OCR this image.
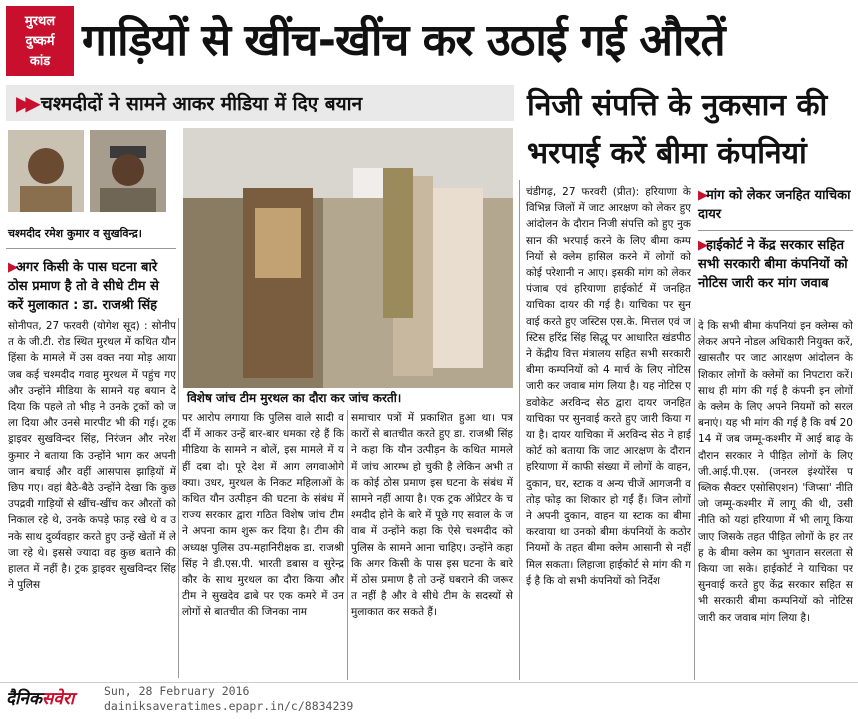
मुरथल
दुष्कर्म
कांड गाड़ियों से खींच-खींच कर उठाई गई औरतें
▶▶ चश्मदीदों ने सामने आकर मीडिया में दिए बयान	निजी संपत्ति के नुकसान की भरपाई करें बीमा कंपनियां
चश्मदीद रमेश कुमार व सुखविन्द्र।
▶ अगर किसी के पास घटना बारे ठोस प्रमाण है तो वे सीधे टीम से करें मुलाकात : डा. राजश्री सिंह
विशेष जांच टीम मुरथल का दौरा कर जांच करती।
▶ मांग को लेकर जनहित याचिका दायर
▶ हाईकोर्ट ने केंद्र सरकार सहित सभी सरकारी बीमा कंपनियों को नोटिस जारी कर मांग जवाब
सोनीपत, 27 फरवरी (योगेश सूद) : सोनीपत के जी.टी. रोड स्थित मुरथल में कथित यौन हिंसा के मामले में उस वक्त नया मोड़ आया जब कई चश्मदीद गवाह मुरथल में पहुंच गए और उन्होंने मीडिया के सामने यह बयान दे दिया कि पहले तो भीड़ ने उनके ट्रकों को जला दिया और उनसे मारपीट भी की गई। ट्रक ड्राइवर सुखविन्दर सिंह, निरंजन और नरेश कुमार ने बताया कि उन्होंने भाग कर अपनी जान बचाई और वहीं आसपास झाड़ियों में छिप गए। वहां बैठे-बैठे उन्होंने देखा कि कुछ उपद्रवी गाड़ियों से खींच-खींच कर औरतों को निकाल रहे थे, उनके कपड़े फाड़ रखे थे व उनके साथ दुर्व्यवहार करते हुए उन्हें खेतों में ले जा रहे थे। इससे ज्यादा वह कुछ बताने की हालत में नहीं है। ट्रक ड्राइवर सुखविन्दर सिंह ने पुलिस
पर आरोप लगाया कि पुलिस वाले सादी वर्दी में आकर उन्हें बार-बार धमका रहे हैं कि मीडिया के सामने न बोलें, इस मामले में यहीं दबा दो। पूरे देश में आग लगवाओगे क्या। उधर, मुरथल के निकट महिलाओं के कथित यौन उत्पीड़न की घटना के संबंध में राज्य सरकार द्वारा गठित विशेष जांच टीम ने अपना काम शुरू कर दिया है। टीम की अध्यक्ष पुलिस उप-महानिरीक्षक डा. राजश्री सिंह ने डी.एस.पी. भारती डबास व सुरेन्द्र कौर के साथ मुरथल का दौरा किया और टीम ने सुखदेव ढाबे पर एक कमरे में उन लोगों से बातचीत की जिनका नाम
समाचार पत्रों में प्रकाशित हुआ था। पत्रकारों से बातचीत करते हुए डा. राजश्री सिंह ने कहा कि यौन उत्पीड़न के कथित मामले में जांच आरम्भ हो चुकी है लेकिन अभी तक कोई ठोस प्रमाण इस घटना के संबंध में सामने नहीं आया है। एक ट्रक ऑप्रेटर के चश्मदीद होने के बारे में पूछे गए सवाल के जवाब में उन्होंने कहा कि ऐसे चश्मदीद को पुलिस के सामने आना चाहिए। उन्होंने कहा कि अगर किसी के पास इस घटना के बारे में ठोस प्रमाण है तो उन्हें घबराने की जरूरत नहीं है और वे सीधे टीम के सदस्यों से मुलाकात कर सकते हैं।
चंडीगढ़, 27 फरवरी (प्रीत): हरियाणा के विभिन्न जिलों में जाट आरक्षण को लेकर हुए आंदोलन के दौरान निजी संपत्ति को हुए नुकसान की भरपाई करने के लिए बीमा कम्पनियों से क्लेम हासिल करने में लोगों को कोई परेशानी न आए। इसकी मांग को लेकर पंजाब एवं हरियाणा हाईकोर्ट में जनहित याचिका दायर की गई है। याचिका पर सुनवाई करते हुए जस्टिस एस.के. मित्तल एवं जस्टिस हरिंद्र सिंह सिद्धू पर आधारित खंडपीठ ने केंद्रीय वित्त मंत्रालय सहित सभी सरकारी बीमा कम्पनियों को 4 मार्च के लिए नोटिस जारी कर जवाब मांग लिया है। यह नोटिस एडवोकेट अरविन्द सेठ द्वारा दायर जनहित याचिका पर सुनवाई करते हुए जारी किया गया है। दायर याचिका में अरविन्द सेठ ने हाईकोर्ट को बताया कि जाट आरक्षण के दौरान हरियाणा में काफी संख्या में लोगों के वाहन, दुकान, घर, स्टाक व अन्य चीजें आगजनी व तोड़ फोड़ का शिकार हो गईं हैं। जिन लोगों ने अपनी दुकान, वाहन या स्टाक का बीमा करवाया था उनको बीमा कंपनियों के कठोर नियमों के तहत बीमा क्लेम आसानी से नहीं मिल सकता। लिहाजा हाईकोर्ट से मांग की गई है कि वो सभी कंपनियों को निर्देश
दे कि सभी बीमा कंपनियां इन क्लेम्स को लेकर अपने नोडल अधिकारी नियुक्त करें, खासतौर पर जाट आरक्षण आंदोलन के शिकार लोगों के क्लेमों का निपटारा करें। साथ ही मांग की गई है कंपनी इन लोगों के क्लेम के लिए अपने नियमों को सरल बनाएं। यह भी मांग की गई है कि वर्ष 2014 में जब जम्मू-कश्मीर में आई बाढ़ के दौरान सरकार ने पीड़ित लोगों के लिए जी.आई.पी.एस. (जनरल इंश्योरेंस पब्लिक सैक्टर एसोसिएशन) 'जिप्सा' नीति जो जम्मू-कश्मीर में लागू की थी, उसी नीति को यहां हरियाणा में भी लागू किया जाए जिसके तहत पीड़ित लोगों के हर तरह के बीमा क्लेम का भुगतान सरलता से किया जा सके। हाईकोर्ट ने याचिका पर सुनवाई करते हुए केंद्र सरकार सहित सभी सरकारी बीमा कम्पनियों को नोटिस जारी कर जवाब मांग लिया है।
दैनिकसवेरा	Sun, 28 February 2016
dainiksaveratimes.epapr.in/c/8834239
